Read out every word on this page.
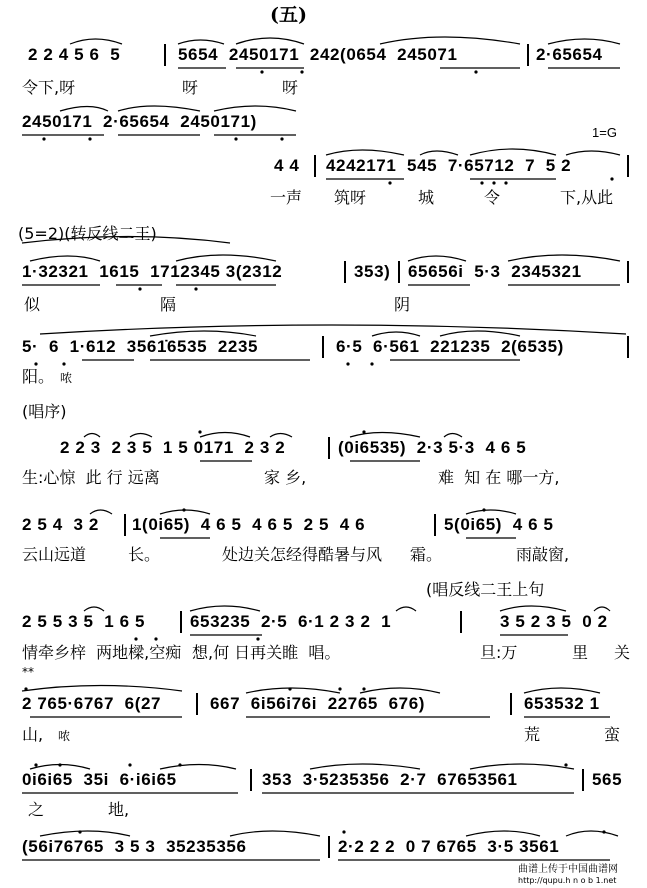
(五)
1=G
2 2 4 5 6  5	5654  2450171  242(0654  245071	2·65654
令下,呀	呀	呀
2450171  2·65654  2450171)
4 4 4242171  545  7·65712  7  5 2
一声 筑呀	城	令	下,从此
(5=2)(转反线二王)
1·32321  1615  1712345 3(2312	353) 65656i  5·3  2345321
似	隔	阴
5·  6  1·612  3561̇6535  2235	6·5  6·561  221235  2(6535)
阳。 哝
(唱序)
2 2 3  2 3 5  1 5 0171  2 3 2	(0i6535)  2·3 5·3  4 6 5
生:心惊  此 行 远离	家 乡,	难  知 在 哪一方,
2 5 4  3 2 1(0i65)  4 6 5  4 6 5  2 5  4 6	5(0i65)  4 6 5
云山远道	长。	处边关怎经得酷暑与风 霜。	雨敲窗,
(唱反线二王上句
2 5 5 3 5  1 6 5	653235  2·5  6·1 2 3 2  1	3 5 2 3 5  0 2
情牵乡梓  两地樑,空痴 想,何 日再关睢  唱。	旦:万	里 关
**
2 765·6767  6(27	667  6i56i76i  22765  676)	653532 1
山, 哝	荒	蛮
0i6i65  35i  6·i6i65	353  3·5235356  2·7  67653561	565
之	地,
(56i76765  3 5 3  35235356	2·2 2 2  0 7 6765  3·5 3561
曲谱上传于中国曲谱网
http://qupu.h n o b 1.net
